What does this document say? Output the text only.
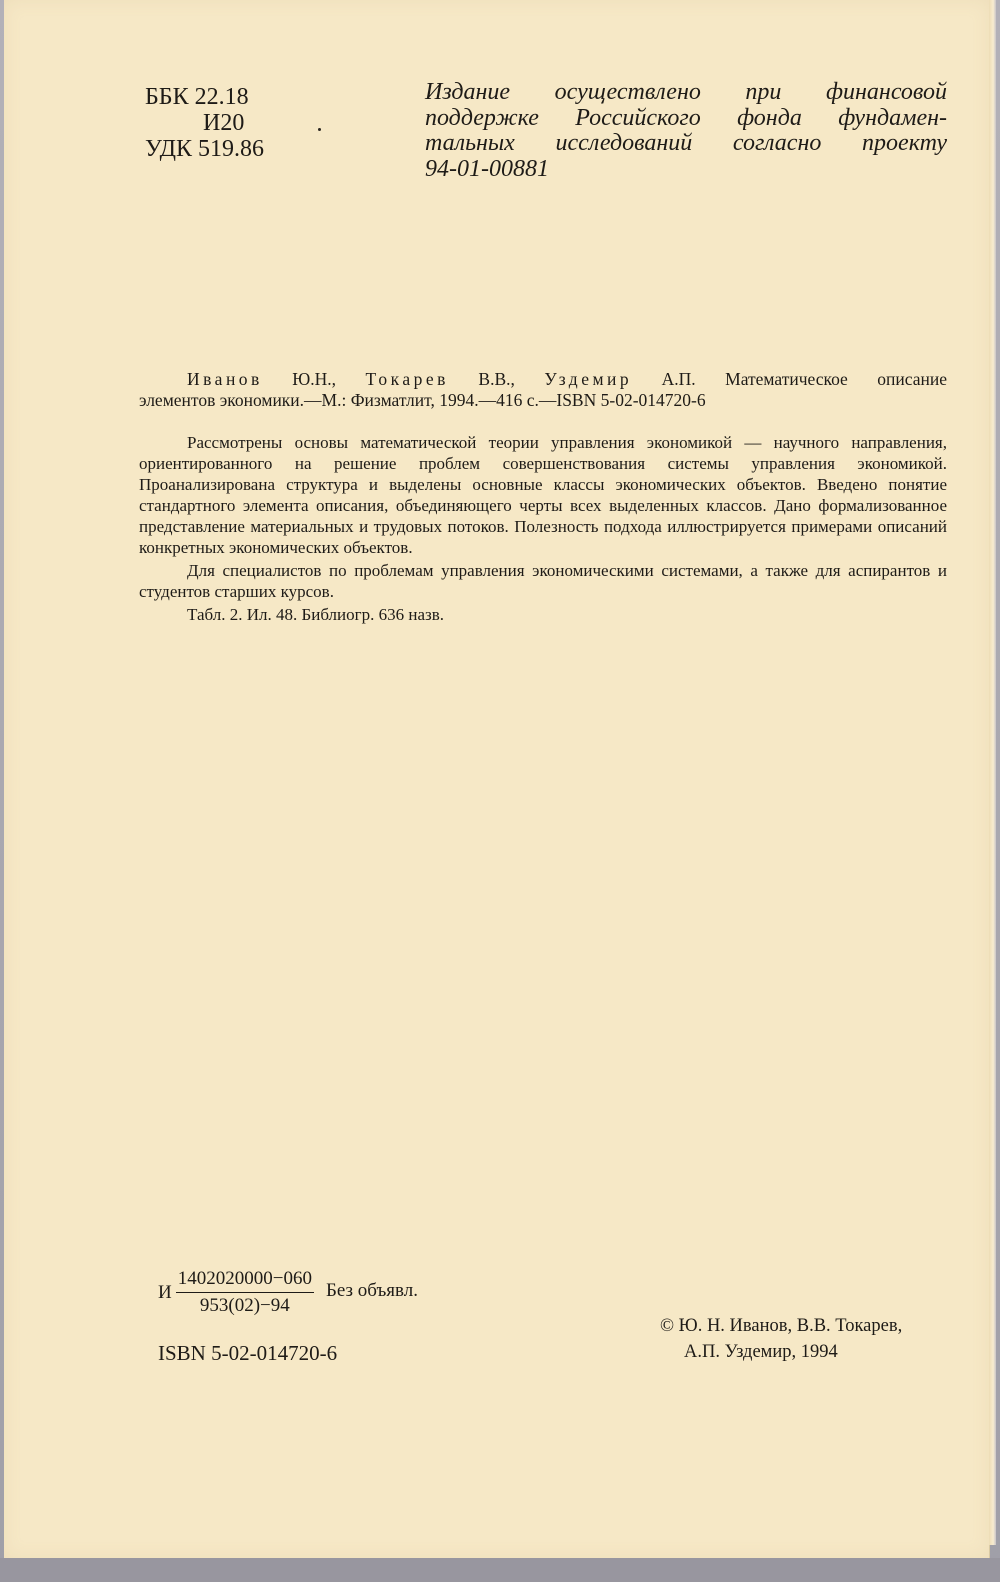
ББК 22.18
И20
УДК 519.86
Издание осуществлено при финансовой
поддержке Российского фонда фундамен-
тальных исследований согласно проекту
94-01-00881
Иванов Ю.Н., Токарев В.В., Уздемир А.П. Математическое описание
элементов экономики.—М.: Физматлит, 1994.—416 с.—ISBN 5-02-014720-6

Рассмотрены основы математической теории управления экономикой — научного направления, ориентированного на решение проблем совершенствования системы управления экономикой. Проанализирована структура и выделены основные классы экономических объектов. Введено понятие стандартного элемента описания, объединяющего черты всех выделенных классов. Дано формализованное представление материальных и трудовых потоков. Полезность подхода иллюстрируется примерами описаний конкретных экономических объектов.

Для специалистов по проблемам управления экономическими системами, а также для аспирантов и студентов старших курсов.

Табл. 2. Ил. 48. Библиогр. 636 назв.

И $\frac{1402020000-060}{953(02)-94}$ Без объявл.
ISBN 5-02-014720-6
© Ю. Н. Иванов, В.В. Токарев,
А.П. Уздемир, 1994
